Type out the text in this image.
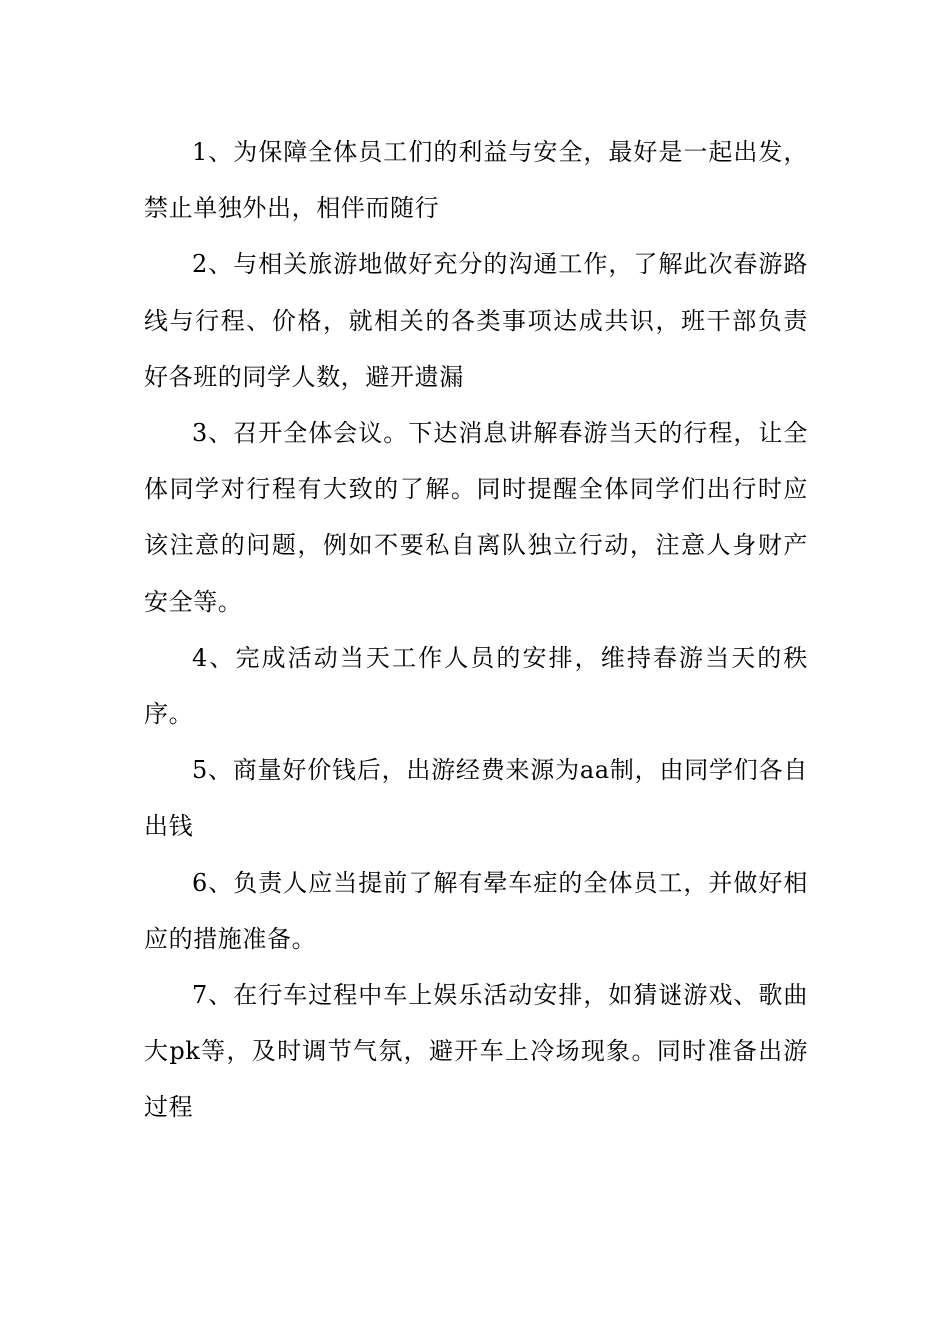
1、为保障全体员工们的利益与安全，最好是一起出发，禁止单独外出，相伴而随行

2、与相关旅游地做好充分的沟通工作，了解此次春游路线与行程、价格，就相关的各类事项达成共识，班干部负责好各班的同学人数，避开遗漏

3、召开全体会议。下达消息讲解春游当天的行程，让全体同学对行程有大致的了解。同时提醒全体同学们出行时应该注意的问题，例如不要私自离队独立行动，注意人身财产安全等。

4、完成活动当天工作人员的安排，维持春游当天的秩序。

5、商量好价钱后，出游经费来源为aa制，由同学们各自出钱

6、负责人应当提前了解有晕车症的全体员工，并做好相应的措施准备。

7、在行车过程中车上娱乐活动安排，如猜谜游戏、歌曲大pk等，及时调节气氛，避开车上冷场现象。同时准备出游过程
